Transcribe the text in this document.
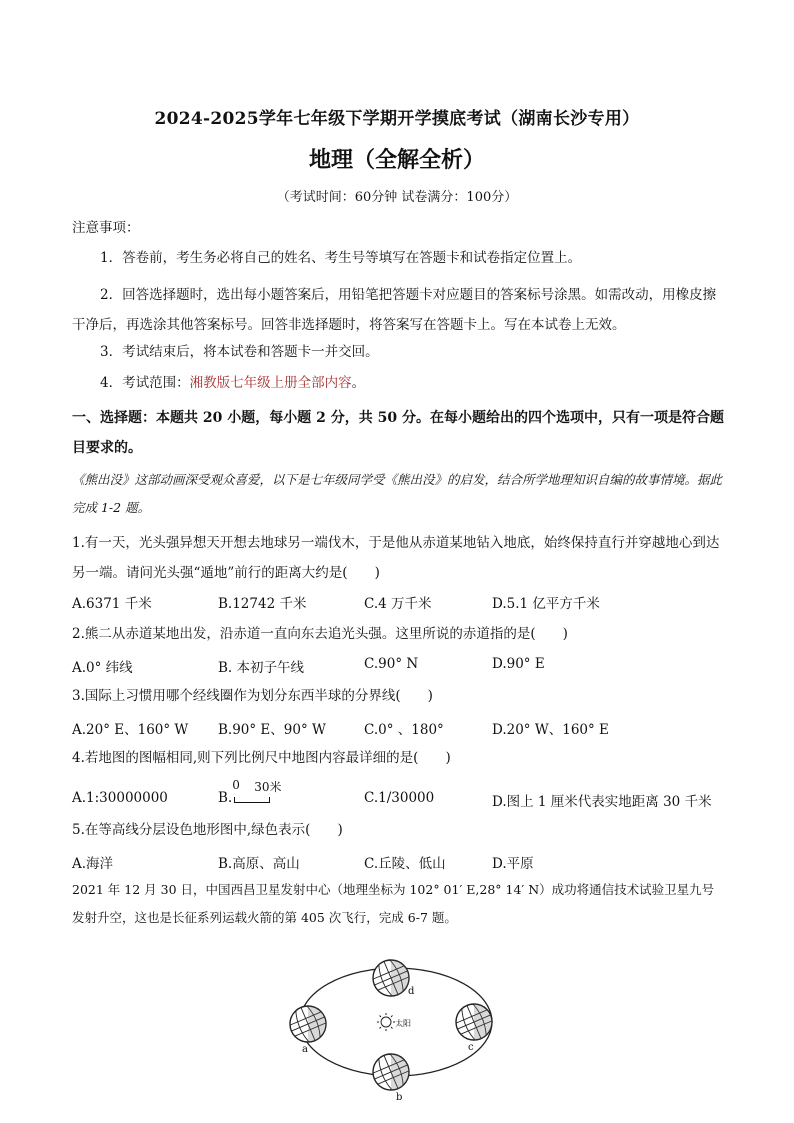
2024-2025学年七年级下学期开学摸底考试（湖南长沙专用）
地理（全解全析）
（考试时间：60分钟 试卷满分：100分）
注意事项：
1．答卷前，考生务必将自己的姓名、考生号等填写在答题卡和试卷指定位置上。
2．回答选择题时，选出每小题答案后，用铅笔把答题卡对应题目的答案标号涂黑。如需改动，用橡皮擦干净后，再选涂其他答案标号。回答非选择题时，将答案写在答题卡上。写在本试卷上无效。
3．考试结束后，将本试卷和答题卡一并交回。
4．考试范围：湘教版七年级上册全部内容。
一、选择题：本题共 20 小题，每小题 2 分，共 50 分。在每小题给出的四个选项中，只有一项是符合题目要求的。
《熊出没》这部动画深受观众喜爱，以下是七年级同学受《熊出没》的启发，结合所学地理知识自编的故事情境。据此完成 1-2 题。
1.有一天，光头强异想天开想去地球另一端伐木，于是他从赤道某地钻入地底，始终保持直行并穿越地心到达另一端。请问光头强“遁地”前行的距离大约是(　　)
A.6371 千米	B.12742 千米	C.4 万千米	D.5.1 亿平方千米
2.熊二从赤道某地出发，沿赤道一直向东去追光头强。这里所说的赤道指的是(　　)
A.0° 纬线	B. 本初子午线	C.90° N	D.90° E
3.国际上习惯用哪个经线圈作为划分东西半球的分界线(　　)
A.20° E、160° W B.90° E、90° W	C.0° 、180°	D.20° W、160° E
4.若地图的图幅相同,则下列比例尺中地图内容最详细的是(　　)
A.1:30000000	B.
0 30米
C.1/30000	D.图上 1 厘米代表实地距离 30 千米
5.在等高线分层设色地形图中,绿色表示(　　)
A.海洋	B.高原、高山	C.丘陵、低山	D.平原
2021 年 12 月 30 日，中国西昌卫星发射中心（地理坐标为 102° 01′ E,28° 14′ N）成功将通信技术试验卫星九号发射升空，这也是长征系列运载火箭的第 405 次飞行，完成 6-7 题。
太阳
d
a	c
b
